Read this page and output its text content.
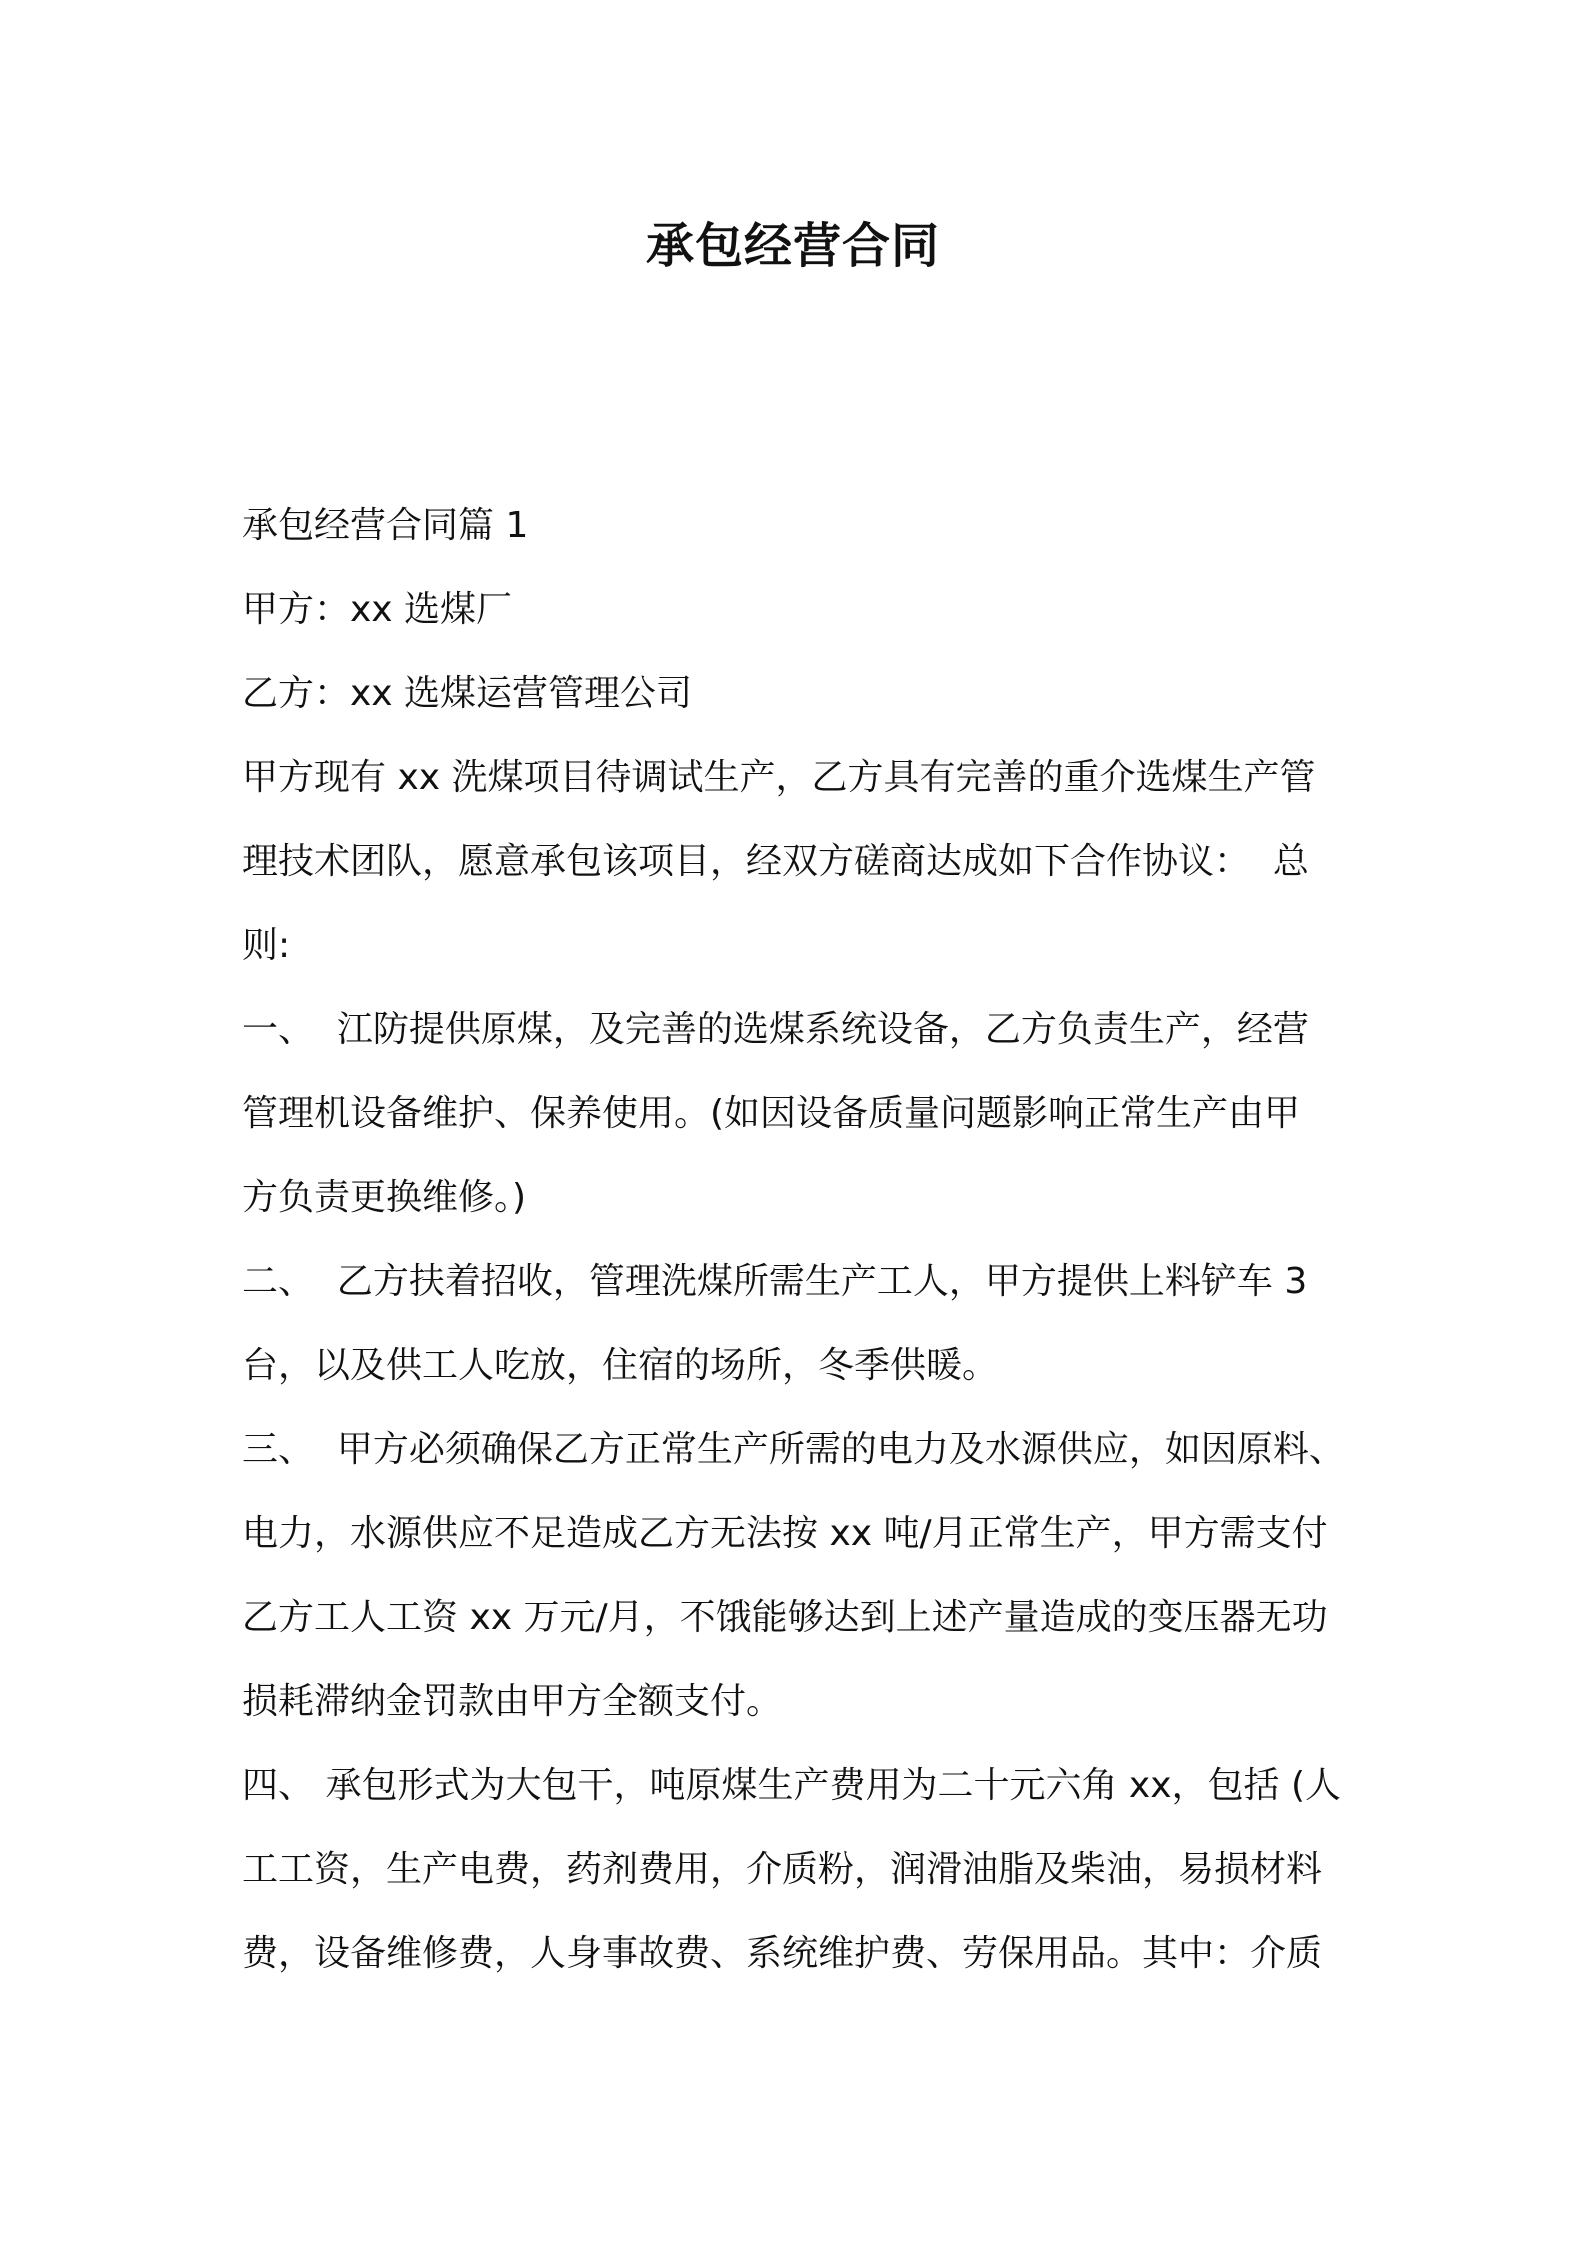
承包经营合同
承包经营合同篇 1
甲方：xx 选煤厂
乙方：xx 选煤运营管理公司
甲方现有 xx 洗煤项目待调试生产，乙方具有完善的重介选煤生产管
理技术团队，愿意承包该项目，经双方磋商达成如下合作协议：  总
则:
一、  江防提供原煤，及完善的选煤系统设备，乙方负责生产，经营
管理机设备维护、保养使用。(如因设备质量问题影响正常生产由甲
方负责更换维修。)
二、  乙方扶着招收，管理洗煤所需生产工人，甲方提供上料铲车 3
台，以及供工人吃放，住宿的场所，冬季供暖。
三、  甲方必须确保乙方正常生产所需的电力及水源供应，如因原料、
电力，水源供应不足造成乙方无法按 xx 吨/月正常生产，甲方需支付
乙方工人工资 xx 万元/月，不饿能够达到上述产量造成的变压器无功
损耗滞纳金罚款由甲方全额支付。
四、 承包形式为大包干，吨原煤生产费用为二十元六角 xx，包括 (人
工工资，生产电费，药剂费用，介质粉，润滑油脂及柴油，易损材料
费，设备维修费，人身事故费、系统维护费、劳保用品。其中：介质
